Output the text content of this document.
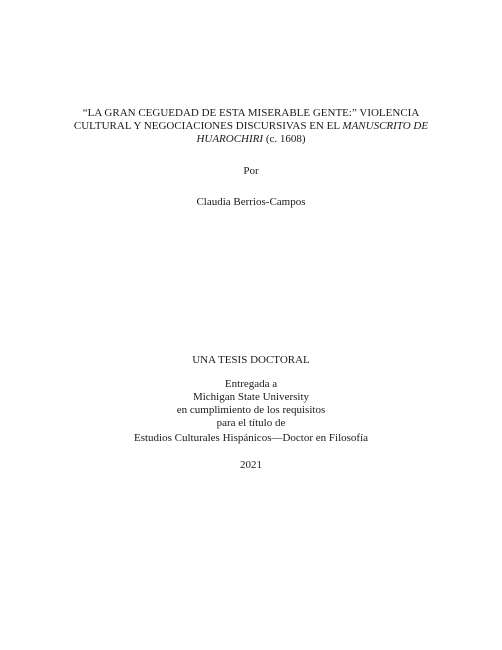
“LA GRAN CEGUEDAD DE ESTA MISERABLE GENTE:” VIOLENCIA
CULTURAL Y NEGOCIACIONES DISCURSIVAS EN EL MANUSCRITO DE
HUAROCHIRI (c. 1608)
Por
Claudia Berrios-Campos
UNA TESIS DOCTORAL
Entregada a
Michigan State University
en cumplimiento de los requisitos
para el título de
Estudios Culturales Hispánicos—Doctor en Filosofía
2021
